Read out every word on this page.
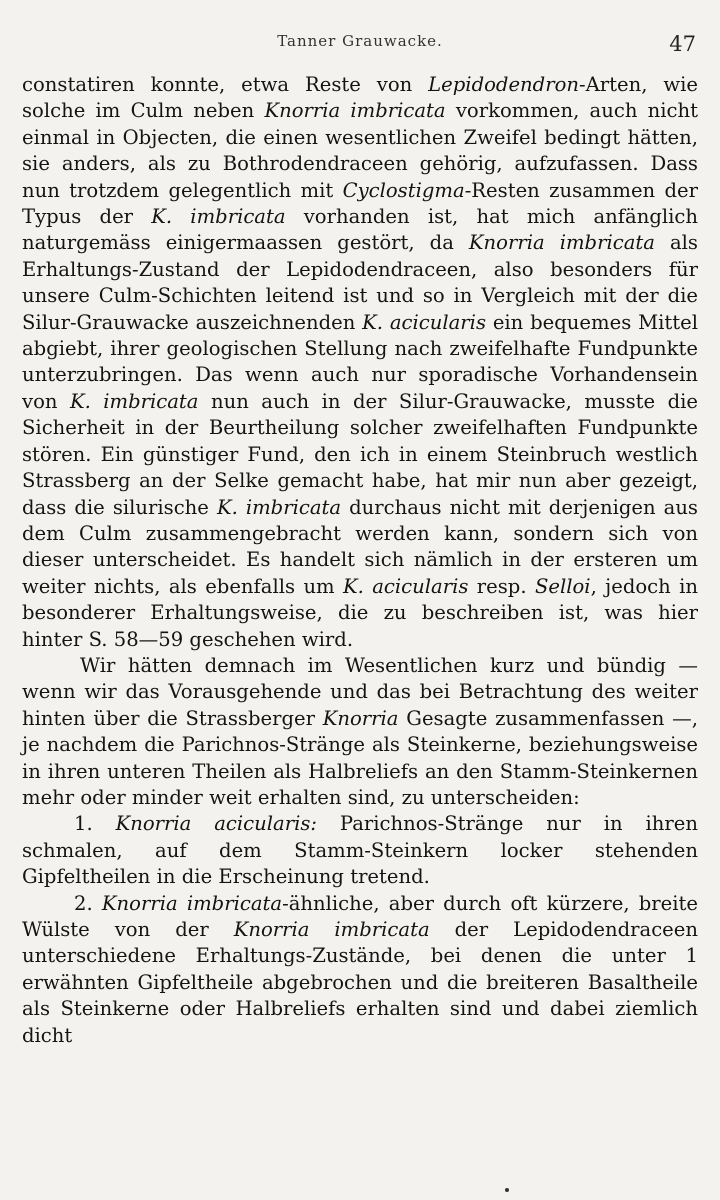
Tanner Grauwacke.	47

constatiren konnte, etwa Reste von Lepidodendron-Arten, wie solche im Culm neben Knorria imbricata vorkommen, auch nicht einmal in Objecten, die einen wesentlichen Zweifel bedingt hätten, sie anders, als zu Bothrodendraceen gehörig, aufzufassen. Dass nun trotzdem gelegentlich mit Cyclostigma-Resten zusammen der Typus der K. imbricata vorhanden ist, hat mich anfänglich naturgemäss einigermaassen gestört, da Knorria imbricata als Erhaltungs-Zustand der Lepidodendraceen, also besonders für unsere Culm-Schichten leitend ist und so in Vergleich mit der die Silur-Grauwacke auszeichnenden K. acicularis ein bequemes Mittel abgiebt, ihrer geologischen Stellung nach zweifelhafte Fundpunkte unterzubringen. Das wenn auch nur sporadische Vorhandensein von K. imbricata nun auch in der Silur-Grauwacke, musste die Sicherheit in der Beurtheilung solcher zweifelhaften Fundpunkte stören. Ein günstiger Fund, den ich in einem Steinbruch westlich Strassberg an der Selke gemacht habe, hat mir nun aber gezeigt, dass die silurische K. imbricata durchaus nicht mit derjenigen aus dem Culm zusammengebracht werden kann, sondern sich von dieser unterscheidet. Es handelt sich nämlich in der ersteren um weiter nichts, als ebenfalls um K. acicularis resp. Selloi, jedoch in besonderer Erhaltungsweise, die zu beschreiben ist, was hier hinter S. 58—59 geschehen wird.

Wir hätten demnach im Wesentlichen kurz und bündig — wenn wir das Vorausgehende und das bei Betrachtung des weiter hinten über die Strassberger Knorria Gesagte zusammenfassen —, je nachdem die Parichnos-Stränge als Steinkerne, beziehungsweise in ihren unteren Theilen als Halbreliefs an den Stamm-Steinkernen mehr oder minder weit erhalten sind, zu unterscheiden:

1. Knorria acicularis: Parichnos-Stränge nur in ihren schmalen, auf dem Stamm-Steinkern locker stehenden Gipfeltheilen in die Erscheinung tretend.

2. Knorria imbricata-ähnliche, aber durch oft kürzere, breite Wülste von der Knorria imbricata der Lepidodendraceen unterschiedene Erhaltungs-Zustände, bei denen die unter 1 erwähnten Gipfeltheile abgebrochen und die breiteren Basaltheile als Steinkerne oder Halbreliefs erhalten sind und dabei ziemlich dicht
